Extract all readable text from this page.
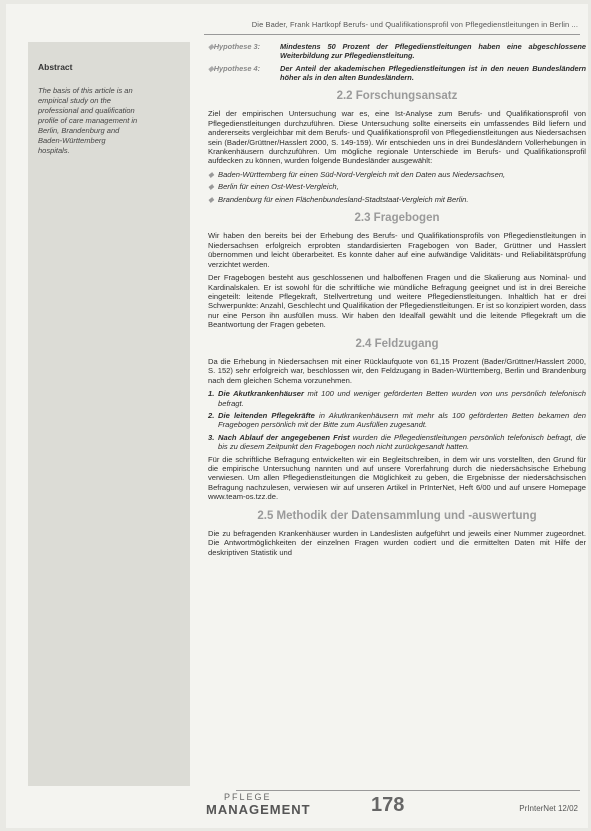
Die Bader, Frank Hartkopf Berufs- und Qualifikationsprofil von Pflegedienstleitungen in Berlin ...
Abstract

The basis of this article is an empirical study on the professional and qualification profile of care management in Berlin, Brandenburg and Baden-Württemberg hospitals.

◆ Hypothese 3:	Mindestens 50 Prozent der Pflegedienstleitungen haben eine abgeschlossene Weiterbildung zur Pflegedienstleitung.
◆ Hypothese 4:	Der Anteil der akademischen Pflegedienstleitungen ist in den neuen Bundesländern höher als in den alten Bundesländern.
2.2 Forschungsansatz

Ziel der empirischen Untersuchung war es, eine Ist-Analyse zum Berufs- und Qualifikationsprofil von Pflegedienstleitungen durchzuführen. Diese Untersuchung sollte einerseits ein umfassendes Bild liefern und andererseits vergleichbar mit dem Berufs- und Qualifikationsprofil von Pflegedienstleitungen aus Niedersachsen sein (Bader/Grüttner/Hasslert 2000, S. 149-159). Wir entschieden uns in drei Bundesländern Vollerhebungen in Krankenhäusern durchzuführen. Um mögliche regionale Unterschiede im Berufs- und Qualifikationsprofil aufdecken zu können, wurden folgende Bundesländer ausgewählt:

◆ Baden-Württemberg für einen Süd-Nord-Vergleich mit den Daten aus Niedersachsen,
◆ Berlin für einen Ost-West-Vergleich,
◆ Brandenburg für einen Flächenbundesland-Stadtstaat-Vergleich mit Berlin.
2.3 Fragebogen

Wir haben den bereits bei der Erhebung des Berufs- und Qualifikationsprofils von Pflegedienstleitungen in Niedersachsen erfolgreich erprobten standardisierten Fragebogen von Bader, Grüttner und Hasslert übernommen und leicht überarbeitet. Es konnte daher auf eine aufwändige Validitäts- und Reliabilitätsprüfung verzichtet werden.

Der Fragebogen besteht aus geschlossenen und halboffenen Fragen und die Skalierung aus Nominal- und Kardinalskalen. Er ist sowohl für die schriftliche wie mündliche Befragung geeignet und ist in drei Bereiche eingeteilt: leitende Pflegekraft, Stellvertretung und weitere Pflegedienstleitungen. Inhaltlich hat er drei Schwerpunkte: Anzahl, Geschlecht und Qualifikation der Pflegedienstleitungen. Er ist so konzipiert worden, dass nur eine Person ihn ausfüllen muss. Wir haben den Idealfall gewählt und die leitende Pflegekraft um die Beantwortung der Fragen gebeten.

2.4 Feldzugang

Da die Erhebung in Niedersachsen mit einer Rücklaufquote von 61,15 Prozent (Bader/Grüttner/Hasslert 2000, S. 152) sehr erfolgreich war, beschlossen wir, den Feldzugang in Baden-Württemberg, Berlin und Brandenburg nach dem gleichen Schema vorzunehmen.

1. Die Akutkrankenhäuser mit 100 und weniger geförderten Betten wurden von uns persönlich telefonisch befragt.
2. Die leitenden Pflegekräfte in Akutkrankenhäusern mit mehr als 100 geförderten Betten bekamen den Fragebogen persönlich mit der Bitte zum Ausfüllen zugesandt.
3. Nach Ablauf der angegebenen Frist wurden die Pflegedienstleitungen persönlich telefonisch befragt, die bis zu diesem Zeitpunkt den Fragebogen noch nicht zurückgesandt hatten.

Für die schriftliche Befragung entwickelten wir ein Begleitschreiben, in dem wir uns vorstellten, den Grund für die empirische Untersuchung nannten und auf unsere Vorerfahrung durch die niedersächsische Erhebung verwiesen. Um allen Pflegedienstleitungen die Möglichkeit zu geben, die Ergebnisse der niedersächsischen Befragung nachzulesen, verwiesen wir auf unseren Artikel in PrInterNet, Heft 6/00 und auf unsere Homepage www.team-os.tzz.de.

2.5 Methodik der Datensammlung und -auswertung

Die zu befragenden Krankenhäuser wurden in Landeslisten aufgeführt und jeweils einer Nummer zugeordnet. Die Antwortmöglichkeiten der einzelnen Fragen wurden codiert und die ermittelten Daten mit Hilfe der deskriptiven Statistik und

PFLEGE
MANAGEMENT	178	PrInterNet 12/02
